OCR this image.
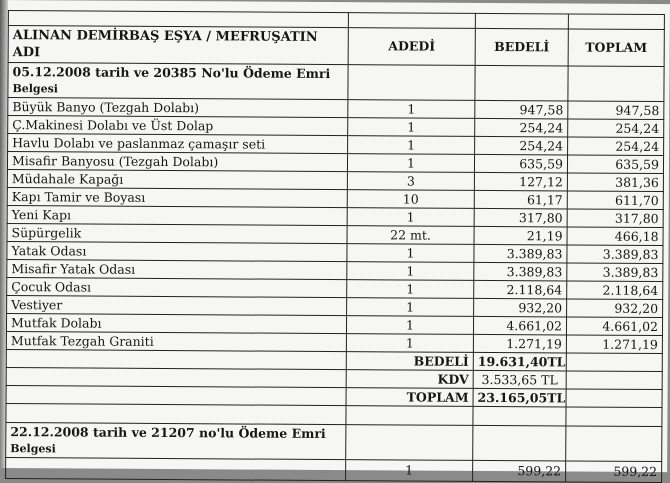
ALINAN DEMİRBAŞ EŞYA / MEFRUŞATIN ADI	ADEDİ	BEDELİ	TOPLAM
05.12.2008 tarih ve 20385 No'lu Ödeme Emri
Belgesi			
Büyük Banyo (Tezgah Dolabı)	1	947,58	947,58
Ç.Makinesi Dolabı ve Üst Dolap	1	254,24	254,24
Havlu Dolabı ve paslanmaz çamaşır seti	1	254,24	254,24
Misafir Banyosu (Tezgah Dolabı)	1	635,59	635,59
Müdahale Kapağı	3	127,12	381,36
Kapı Tamir ve Boyası	10	61,17	611,70
Yeni Kapı	1	317,80	317,80
Süpürgelik	22 mt.	21,19	466,18
Yatak Odası	1	3.389,83	3.389,83
Misafir Yatak Odası	1	3.389,83	3.389,83
Çocuk Odası	1	2.118,64	2.118,64
Vestiyer	1	932,20	932,20
Mutfak Dolabı	1	4.661,02	4.661,02
Mutfak Tezgah Graniti	1	1.271,19	1.271,19
	BEDELİ	19.631,40TL	
	KDV	3.533,65 TL	
	TOPLAM	23.165,05TL	

22.12.2008 tarih ve 21207 no'lu Ödeme Emri
Belgesi			
	1	599,22	599,22
